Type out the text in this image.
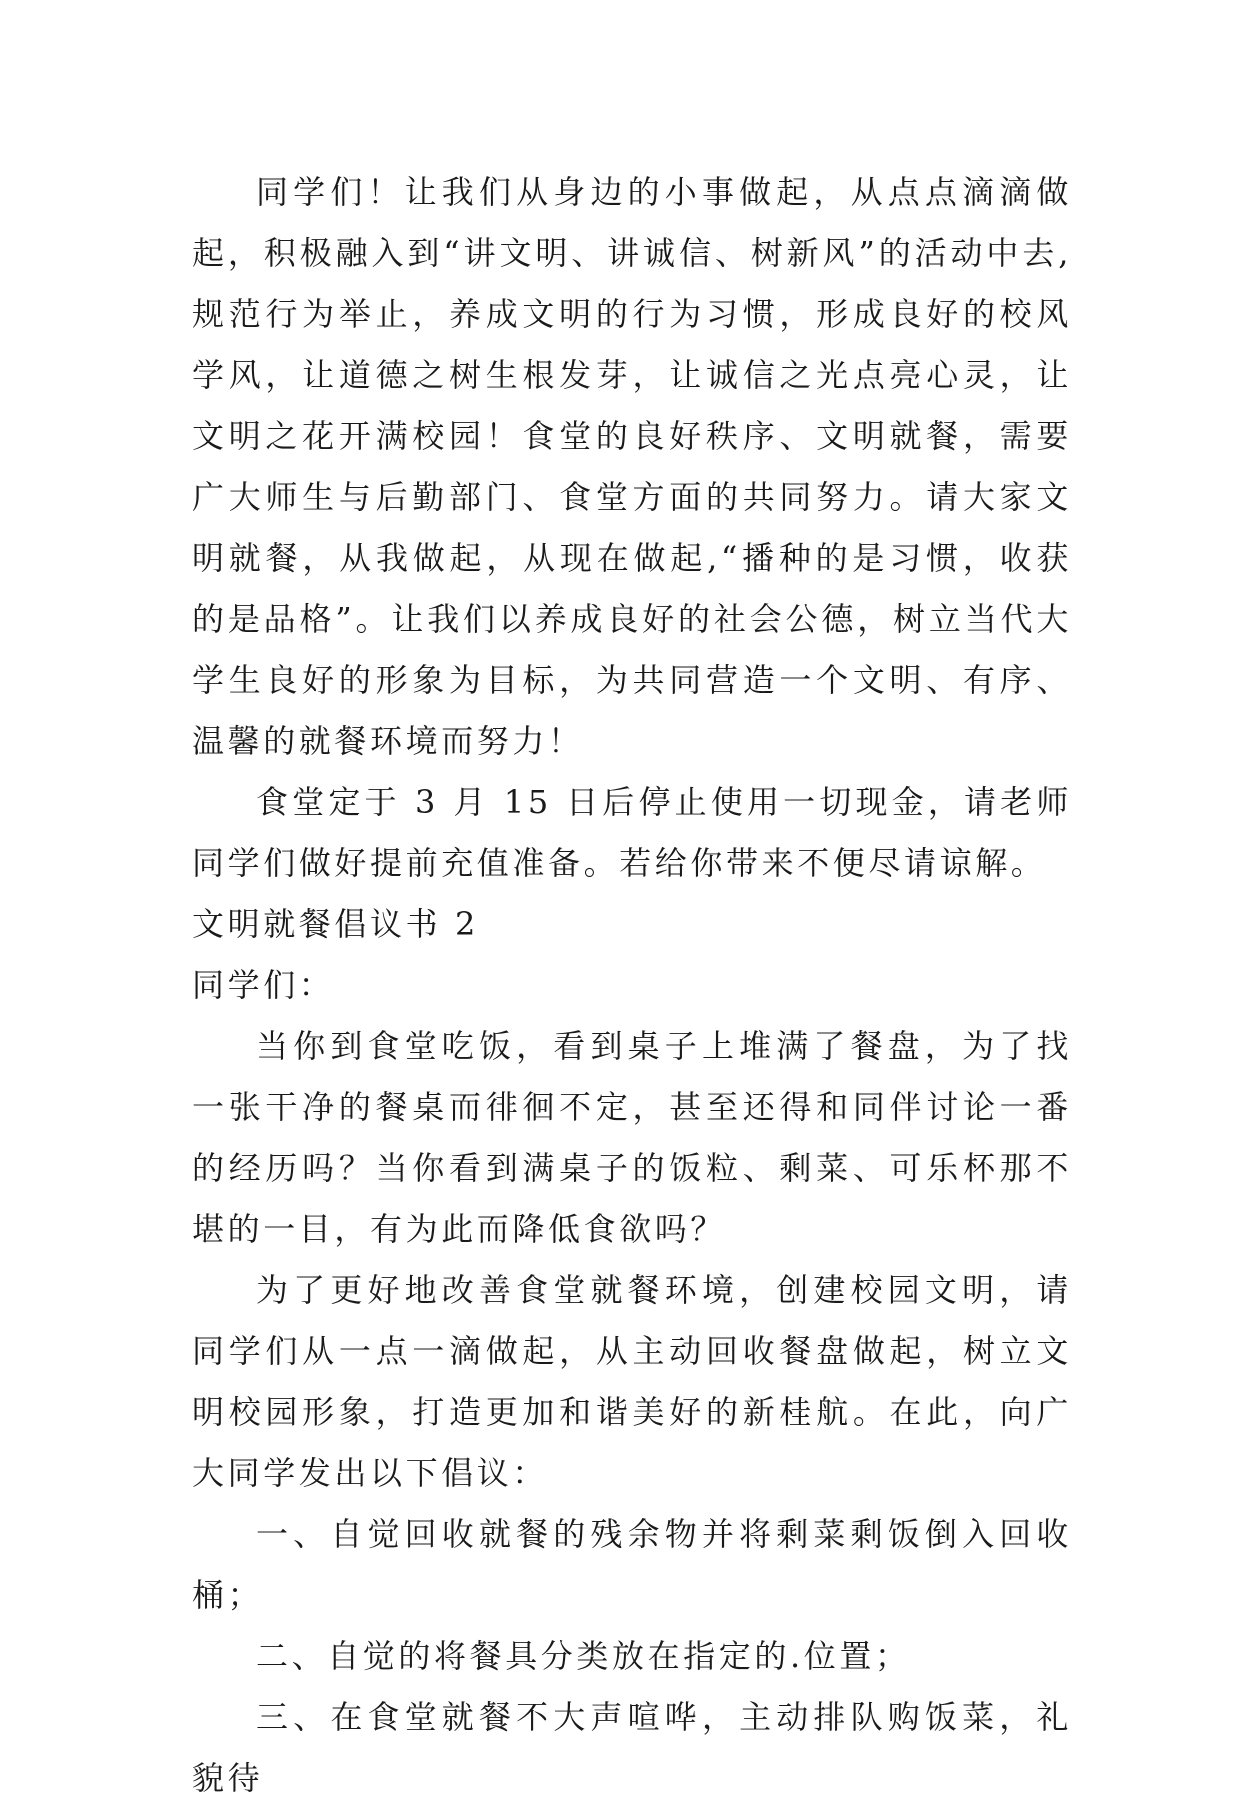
同学们！让我们从身边的小事做起，从点点滴滴做起，积极融入到“讲文明、讲诚信、树新风”的活动中去,规范行为举止，养成文明的行为习惯，形成良好的校风学风，让道德之树生根发芽，让诚信之光点亮心灵，让文明之花开满校园！食堂的良好秩序、文明就餐，需要广大师生与后勤部门、食堂方面的共同努力。请大家文明就餐，从我做起，从现在做起,“播种的是习惯，收获的是品格”。让我们以养成良好的社会公德，树立当代大学生良好的形象为目标，为共同营造一个文明、有序、温馨的就餐环境而努力！

食堂定于 3 月 15 日后停止使用一切现金，请老师同学们做好提前充值准备。若给你带来不便尽请谅解。

文明就餐倡议书 2

同学们：

当你到食堂吃饭，看到桌子上堆满了餐盘，为了找一张干净的餐桌而徘徊不定，甚至还得和同伴讨论一番的经历吗？当你看到满桌子的饭粒、剩菜、可乐杯那不堪的一目，有为此而降低食欲吗？

为了更好地改善食堂就餐环境，创建校园文明，请同学们从一点一滴做起，从主动回收餐盘做起，树立文明校园形象，打造更加和谐美好的新桂航。在此，向广大同学发出以下倡议：

一、自觉回收就餐的残余物并将剩菜剩饭倒入回收桶；

二、自觉的将餐具分类放在指定的.位置；

三、在食堂就餐不大声喧哗，主动排队购饭菜，礼貌待
